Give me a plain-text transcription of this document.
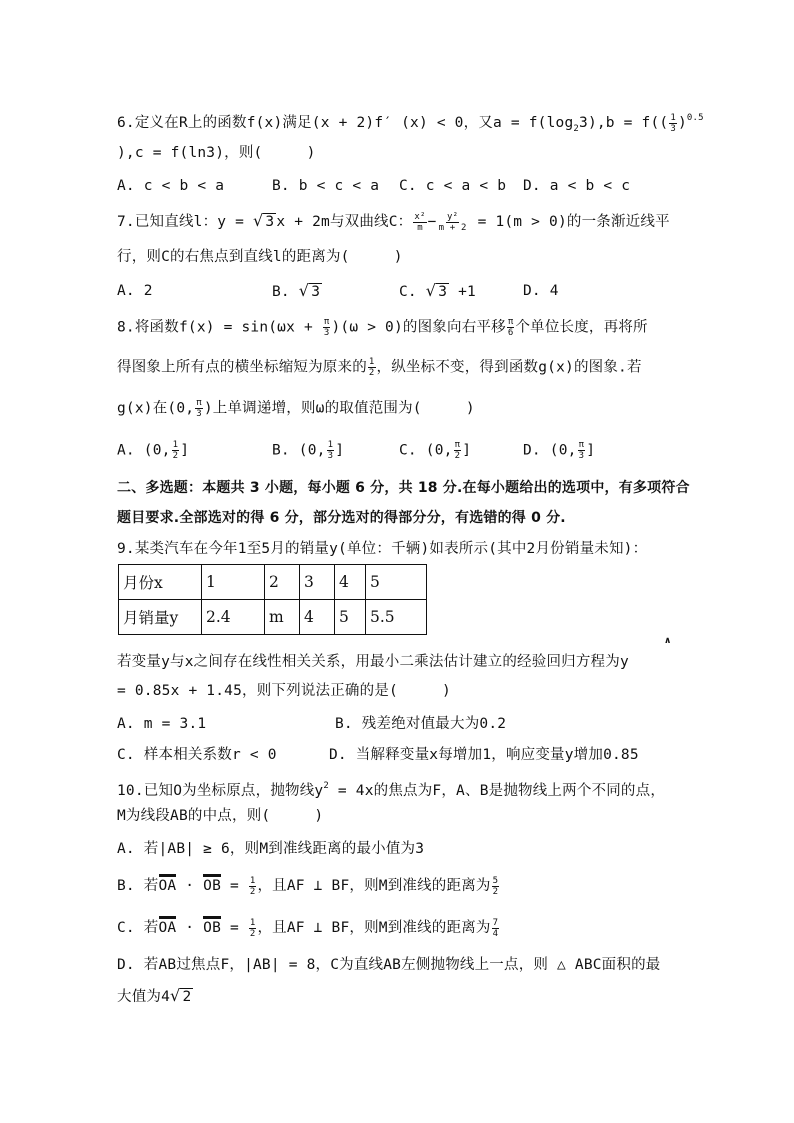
6.定义在R上的函数f(x)满足(x + 2)f′ (x) < 0，又$a = f(\log_23),b = f(( \frac{1}{3} )^{0.5}$
),c = f(ln3)，则(　　　)
A. c < b < a	B. b < c < a C. c < a < b D. a < b < c
7.已知直线l：y = √ 3 x + 2m与双曲线C： $\frac{\text{x²}}{m} - \frac{\text{y²}}{m + 2} = 1(m > 0)$的一条渐近线平
行，则C的右焦点到直线l的距离为(　　　)
A. 2	B. √ 3	C. √ 3 +1	D. 4
8.将函数$f(x) = \sin(\omega x + \frac{\pi}{3} )(\omega > 0)$的图象向右平移 $\frac{\pi}{6}$ 个单位长度，再将所
得图象上所有点的横坐标缩短为原来的 $\frac{1}{2}$ ，纵坐标不变，得到函数g(x)的图象.若
g(x)在(0, $\frac{\pi}{3}$ )上单调递增，则ω的取值范围为(　　　)
A. (0, $\frac{1}{2}$ ]	B. (0, $\frac{1}{3}$ ]	C. (0, $\frac{\pi}{2}$ ]	D. (0, $\frac{\pi}{3}$ ]
二、多选题：本题共 3 小题，每小题 6 分，共 18 分.在每小题给出的选项中，有多项符合
题目要求.全部选对的得 6 分，部分选对的得部分分，有选错的得 0 分.
9.某类汽车在今年1至5月的销量y(单位：千辆)如表所示(其中2月份销量未知)：
月份x	1	2	3	4	5
月销量y	2.4	m	4	5	5.5
∧
若变量y与x之间存在线性相关关系，用最小二乘法估计建立的经验回归方程为y
= 0.85x + 1.45，则下列说法正确的是(　　　)
A. m = 3.1	B. 残差绝对值最大为0.2
C. 样本相关系数r < 0	D. 当解释变量x每增加1，响应变量y增加0.85
10.已知O为坐标原点，抛物线$y^2 = 4x$的焦点为F，A、B是抛物线上两个不同的点，
M为线段AB的中点，则(　　　)
A. 若|AB| ≥ 6，则M到准线距离的最小值为3
B. 若OA · OB = $\frac{1}{2}$ ，且AF ⊥ BF，则M到准线的距离为 $\frac{5}{2}$
C. 若OA · OB = $\frac{1}{2}$ ，且AF ⊥ BF，则M到准线的距离为 $\frac{7}{4}$
D. 若AB过焦点F，|AB| = 8，C为直线AB左侧抛物线上一点，则 △ ABC面积的最
大值为4√ 2
